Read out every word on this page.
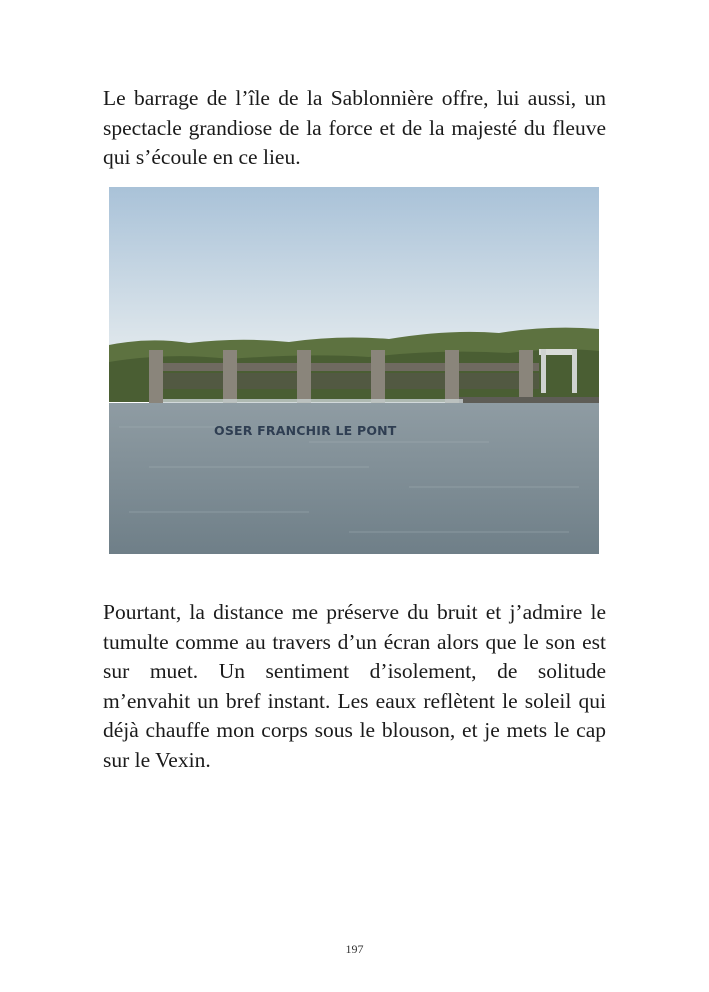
Le barrage de l’île de la Sablonnière offre, lui aussi, un spectacle grandiose de la force et de la majesté du fleuve qui s’écoule en ce lieu.

OSER FRANCHIR LE PONT

Pourtant, la distance me préserve du bruit et j’admire le tumulte comme au travers d’un écran alors que le son est sur muet. Un sentiment d’isolement, de solitude m’envahit un bref instant. Les eaux reflètent le soleil qui déjà chauffe mon corps sous le blouson, et je mets le cap sur le Vexin.

197
